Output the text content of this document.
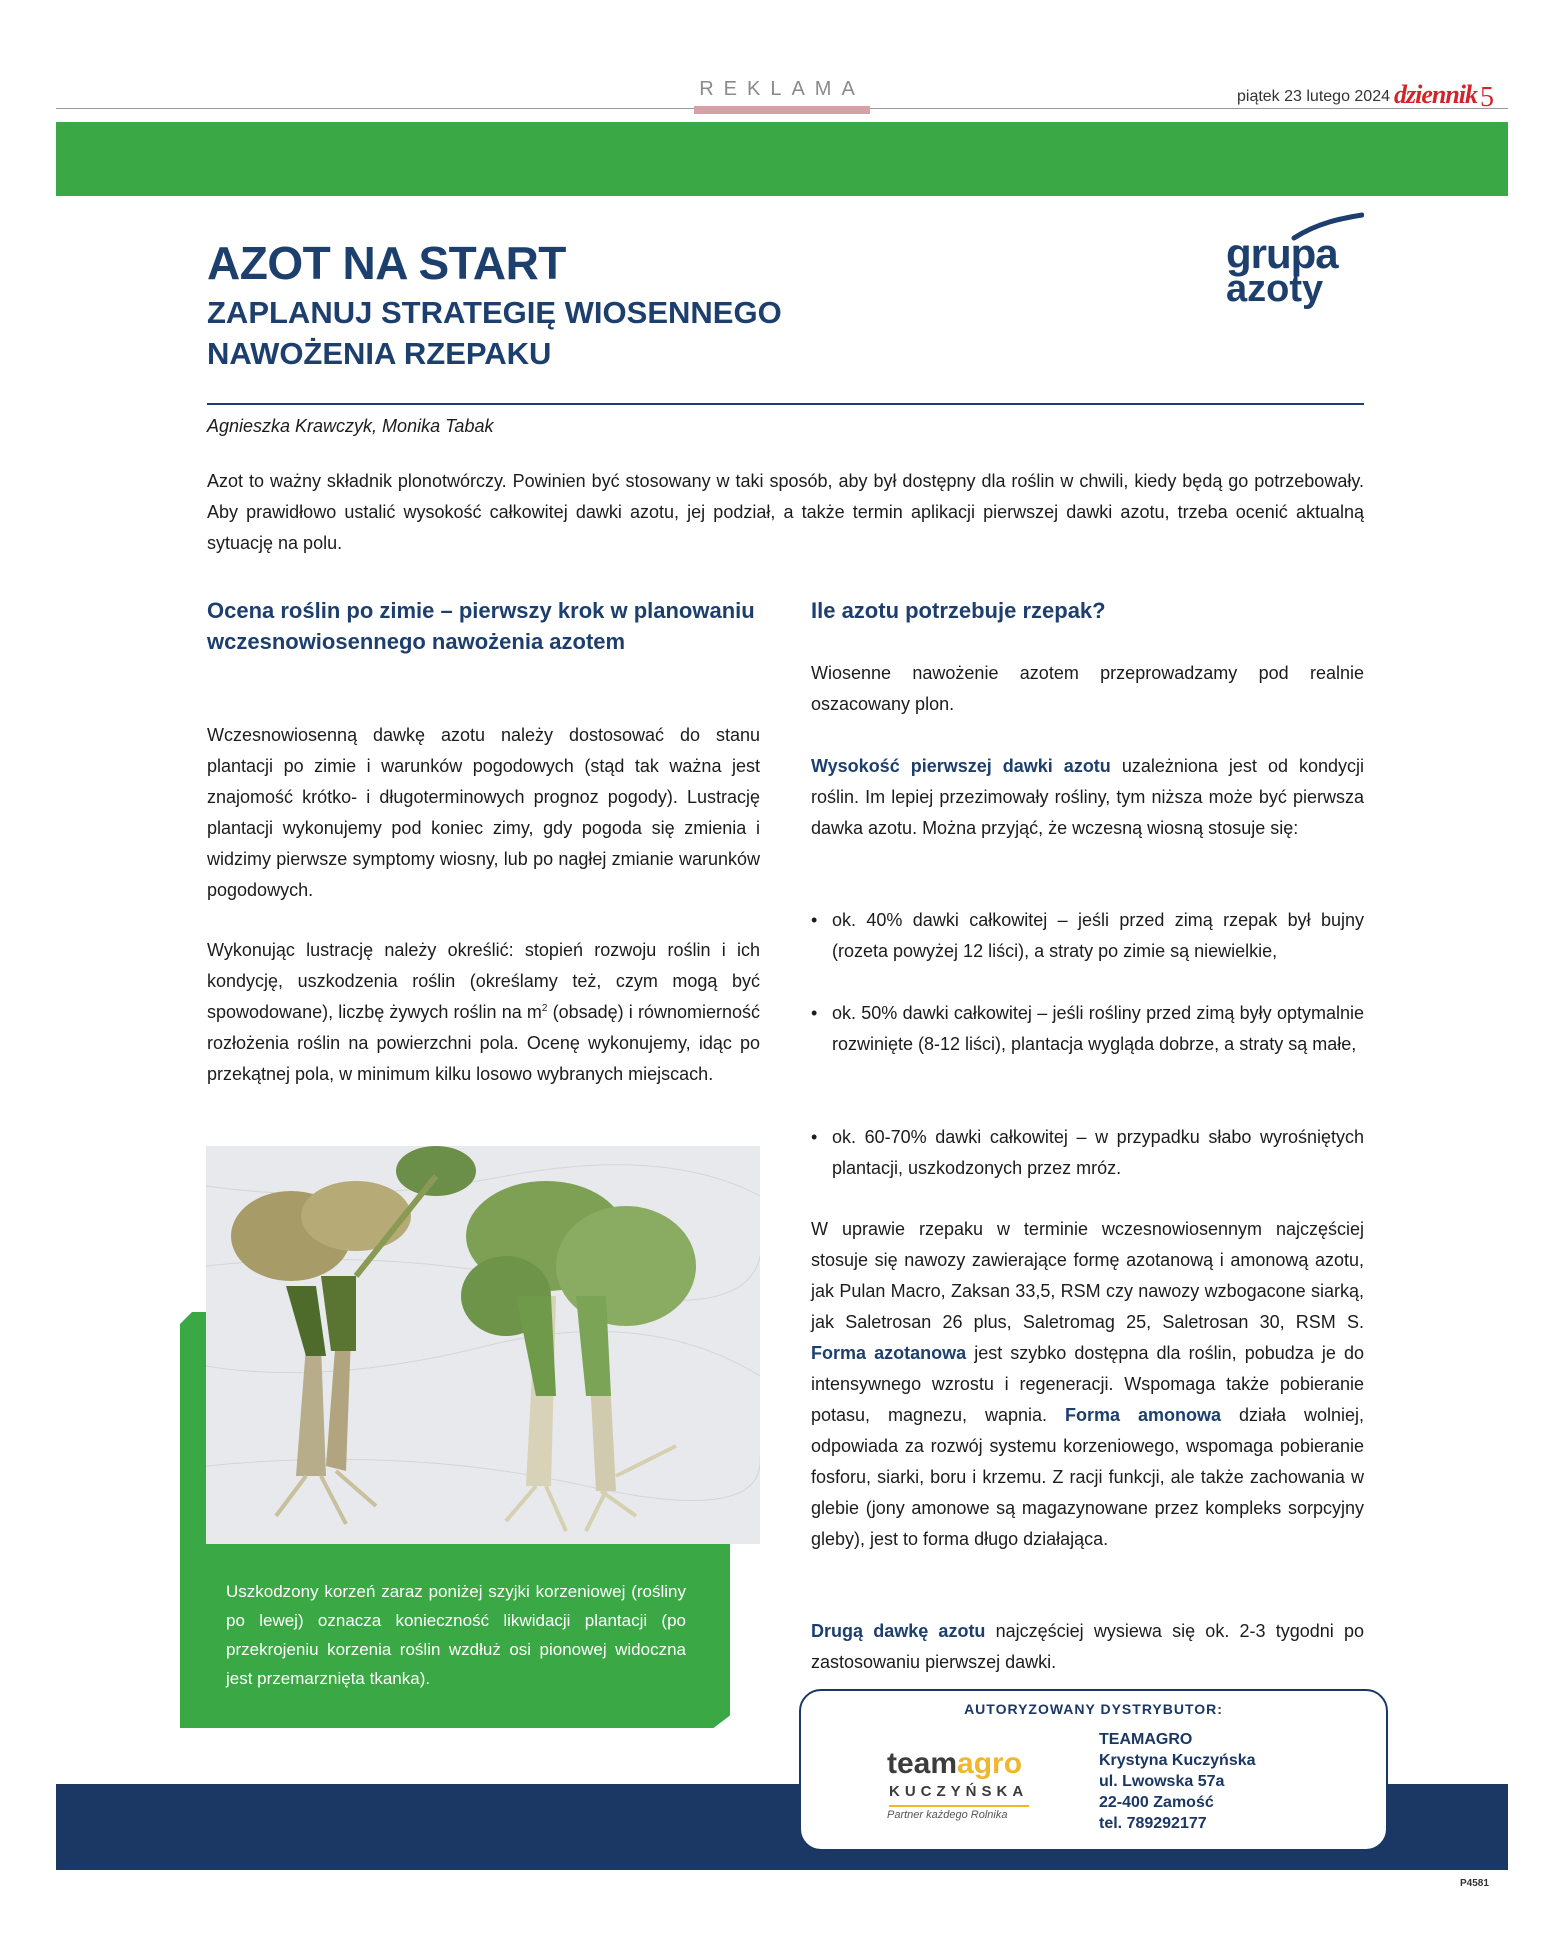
REKLAMA	piątek 23 lutego 2024 dziennik 5
AZOT NA START
ZAPLANUJ STRATEGIĘ WIOSENNEGO NAWOŻENIA RZEPAKU
grupa
azoty
Agnieszka Krawczyk, Monika Tabak
Azot to ważny składnik plonotwórczy. Powinien być stosowany w taki sposób, aby był dostępny dla roślin w chwili, kiedy będą go potrzebowały. Aby prawidłowo ustalić wysokość całkowitej dawki azotu, jej podział, a także termin aplikacji pierwszej dawki azotu, trzeba ocenić aktualną sytuację na polu.
Ocena roślin po zimie – pierwszy krok w planowaniu wczesnowiosennego nawożenia azotem
Wczesnowiosenną dawkę azotu należy dostosować do stanu plantacji po zimie i warunków pogodowych (stąd tak ważna jest znajomość krótko- i długoterminowych prognoz pogody). Lustrację plantacji wykonujemy pod koniec zimy, gdy pogoda się zmienia i widzimy pierwsze symptomy wiosny, lub po nagłej zmianie warunków pogodowych.
Wykonując lustrację należy określić: stopień rozwoju roślin i ich kondycję, uszkodzenia roślin (określamy też, czym mogą być spowodowane), liczbę żywych roślin na $m^2$ (obsadę) i równomierność rozłożenia roślin na powierzchni pola. Ocenę wykonujemy, idąc po przekątnej pola, w minimum kilku losowo wybranych miejscach.
Uszkodzony korzeń zaraz poniżej szyjki korzeniowej (rośliny po lewej) oznacza konieczność likwidacji plantacji (po przekrojeniu korzenia roślin wzdłuż osi pionowej widoczna jest przemarznięta tkanka).
Ile azotu potrzebuje rzepak?
Wiosenne nawożenie azotem przeprowadzamy pod realnie oszacowany plon.
Wysokość pierwszej dawki azotu uzależniona jest od kondycji roślin. Im lepiej przezimowały rośliny, tym niższa może być pierwsza dawka azotu. Można przyjąć, że wczesną wiosną stosuje się:
• ok. 40% dawki całkowitej – jeśli przed zimą rzepak był bujny (rozeta powyżej 12 liści), a straty po zimie są niewielkie,
• ok. 50% dawki całkowitej – jeśli rośliny przed zimą były optymalnie rozwinięte (8-12 liści), plantacja wygląda dobrze, a straty są małe,
• ok. 60-70% dawki całkowitej – w przypadku słabo wyrośniętych plantacji, uszkodzonych przez mróz.
W uprawie rzepaku w terminie wczesnowiosennym najczęściej stosuje się nawozy zawierające formę azotanową i amonową azotu, jak Pulan Macro, Zaksan 33,5, RSM czy nawozy wzbogacone siarką, jak Saletrosan 26 plus, Saletromag 25, Saletrosan 30, RSM S. Forma azotanowa jest szybko dostępna dla roślin, pobudza je do intensywnego wzrostu i regeneracji. Wspomaga także pobieranie potasu, magnezu, wapnia. Forma amonowa działa wolniej, odpowiada za rozwój systemu korzeniowego, wspomaga pobieranie fosforu, siarki, boru i krzemu. Z racji funkcji, ale także zachowania w glebie (jony amonowe są magazynowane przez kompleks sorpcyjny gleby), jest to forma długo działająca.
Drugą dawkę azotu najczęściej wysiewa się ok. 2-3 tygodni po zastosowaniu pierwszej dawki.
AUTORYZOWANY DYSTRYBUTOR:
teamagro
KUCZYŃSKA
Partner każdego Rolnika
TEAMAGRO
Krystyna Kuczyńska
ul. Lwowska 57a
22-400 Zamość
tel. 789292177
P4581
